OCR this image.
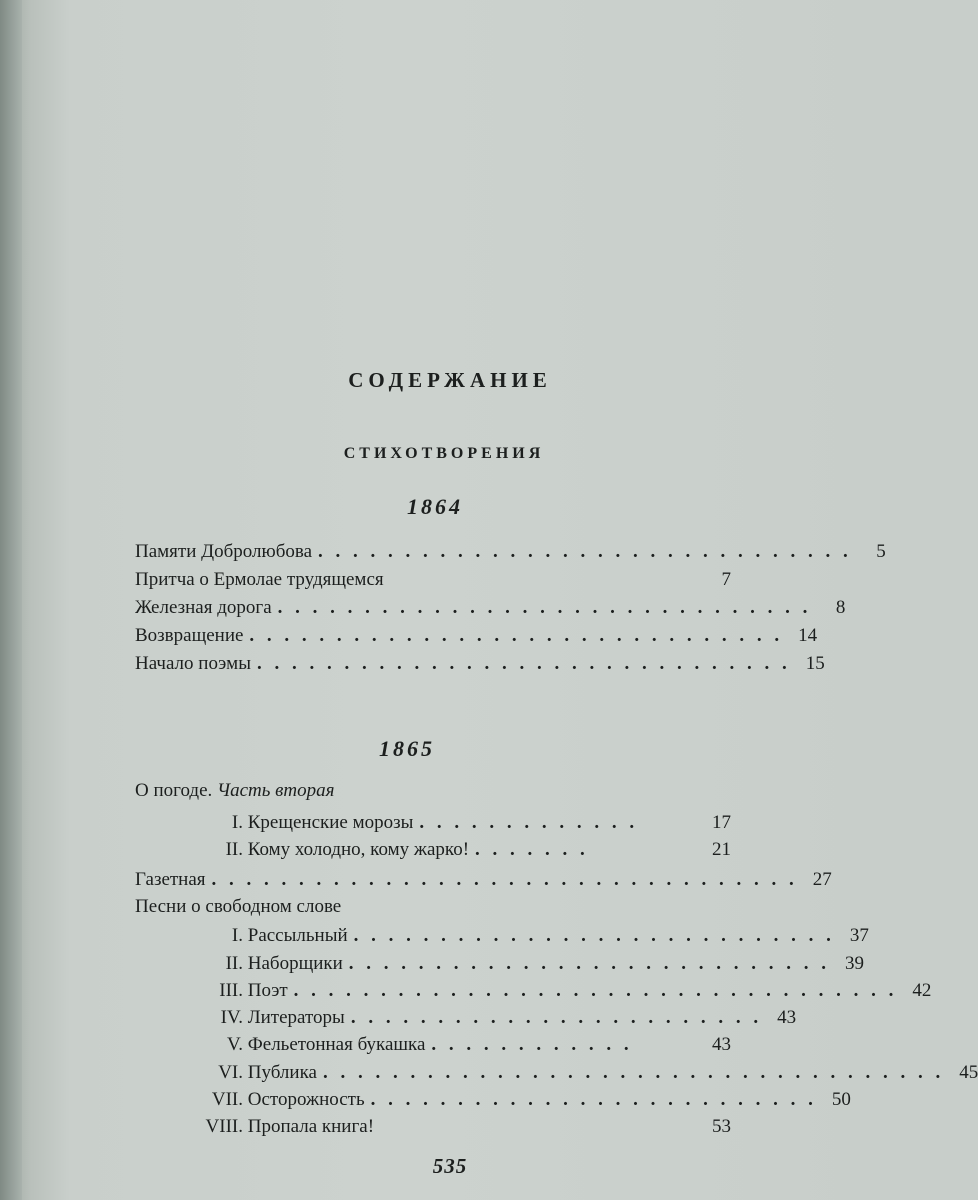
СОДЕРЖАНИЕ
СТИХОТВОРЕНИЯ
1864
Памяти Добролюбова . . . . . . . . . . . . . . . . . . . . . . . . . . . . . . .	5
Притча о Ермолае трудящемся	7
Железная дорога . . . . . . . . . . . . . . . . . . . . . . . . . . . . . . .	8
Возвращение . . . . . . . . . . . . . . . . . . . . . . . . . . . . . . . 14
Начало поэмы . . . . . . . . . . . . . . . . . . . . . . . . . . . . . . . 15
1865
О погоде. Часть вторая
I. Крещенские морозы . . . . . . . . . . . . .	17
II. Кому холодно, кому жарко! . . . . . . .	21
Газетная . . . . . . . . . . . . . . . . . . . . . . . . . . . . . . . . . . 27
Песни о свободном слове
I. Рассыльный . . . . . . . . . . . . . . . . . . . . . . . . . . . . 37
II. Наборщики . . . . . . . . . . . . . . . . . . . . . . . . . . . . 39
III. Поэт . . . . . . . . . . . . . . . . . . . . . . . . . . . . . . . . . . . 42
IV. Литераторы . . . . . . . . . . . . . . . . . . . . . . . . 43
V. Фельетонная букашка . . . . . . . . . . . .	43
VI. Публика . . . . . . . . . . . . . . . . . . . . . . . . . . . . . . . . . . . . 45
VII. Осторожность . . . . . . . . . . . . . . . . . . . . . . . . . . 50
VIII. Пропала книга!	53
535
